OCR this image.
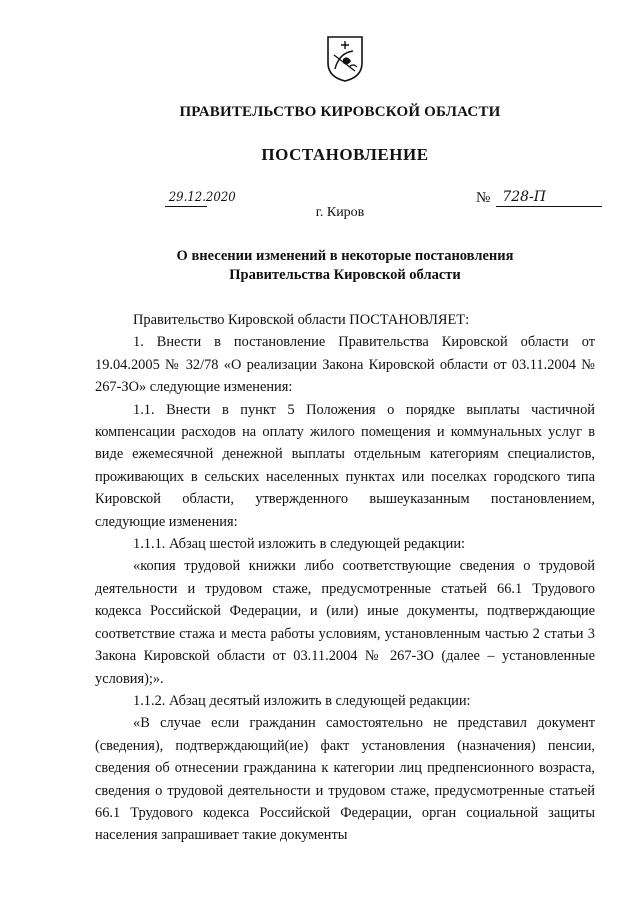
ПРАВИТЕЛЬСТВО КИРОВСКОЙ ОБЛАСТИ
ПОСТАНОВЛЕНИЕ
29.12.2020	№ 728-П
г. Киров
О внесении изменений в некоторые постановления
Правительства Кировской области

Правительство Кировской области ПОСТАНОВЛЯЕТ:

1. Внести в постановление Правительства Кировской области от 19.04.2005 № 32/78 «О реализации Закона Кировской области от 03.11.2004 № 267-ЗО» следующие изменения:

1.1. Внести в пункт 5 Положения о порядке выплаты частичной компенсации расходов на оплату жилого помещения и коммунальных услуг в виде ежемесячной денежной выплаты отдельным категориям специалистов, проживающих в сельских населенных пунктах или поселках городского типа Кировской области, утвержденного вышеуказанным постановлением, следующие изменения:

1.1.1. Абзац шестой изложить в следующей редакции:

«копия трудовой книжки либо соответствующие сведения о трудовой деятельности и трудовом стаже, предусмотренные статьей 66.1 Трудового кодекса Российской Федерации, и (или) иные документы, подтверждающие соответствие стажа и места работы условиям, установленным частью 2 статьи 3 Закона Кировской области от 03.11.2004 № 267-ЗО (далее – установленные условия);».

1.1.2. Абзац десятый изложить в следующей редакции:

«В случае если гражданин самостоятельно не представил документ (сведения), подтверждающий(ие) факт установления (назначения) пенсии, сведения об отнесении гражданина к категории лиц предпенсионного возраста, сведения о трудовой деятельности и трудовом стаже, предусмотренные статьей 66.1 Трудового кодекса Российской Федерации, орган социальной защиты населения запрашивает такие документы
